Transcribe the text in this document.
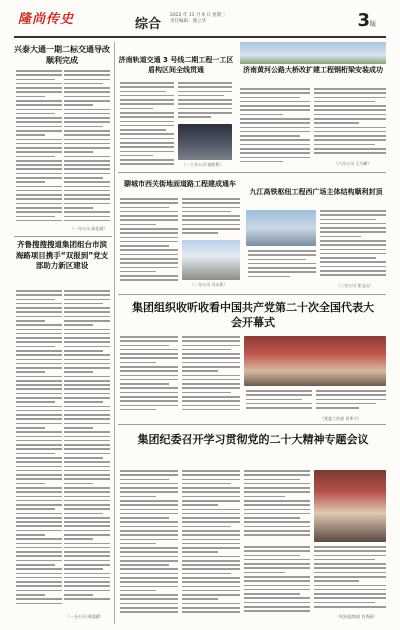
隆尚传史	综合
2022 年 11 月 9 日 星期三
责任编辑：燕立华	3版
兴泰大通一期二标交通导改顺利完成
（一分公司 高佳斌）
齐鲁搜搜搜道集团组台市滨海路项目携手“双报到”党支部助力新区建设
（一分公司 周雨涵）
济南轨道交通 3 号线二期工程一工区盾构区间全线贯通
（一工分公司 张胜利）
济南黄河公路大桥改扩建工程钢桁梁安装成功
（六分公司 王乃峰）
聊城市西关街地面道路工程建成通车
（二分公司 马永智）
九江高铁枢纽工程西广场主体结构顺利封顶
（三分公司 张宝山）
集团组织收听收看中国共产党第二十次全国代表大会开幕式
（党委工作部 肖华宁）
集团纪委召开学习贯彻党的二十大精神专题会议
（纪检监察部 肖秀丽）
